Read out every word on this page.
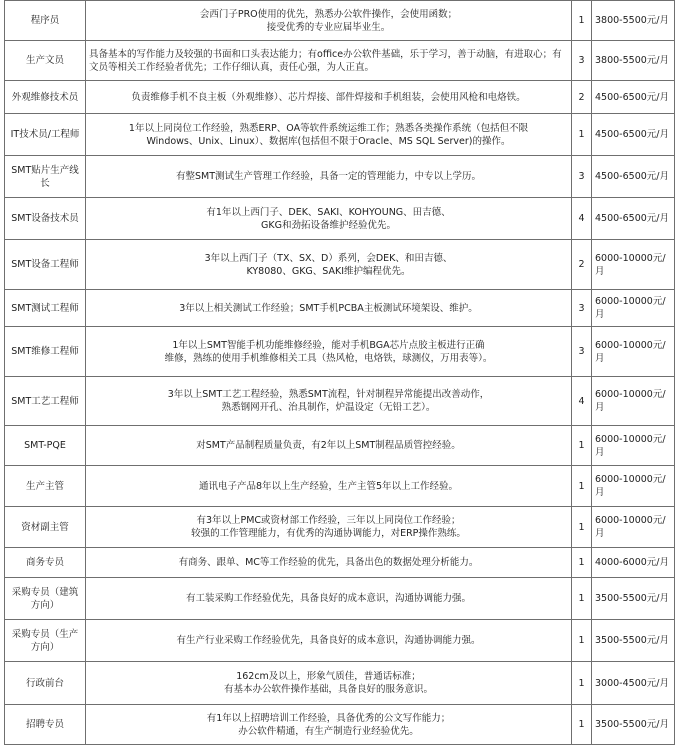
程序员	会西门子PRO使用的优先，熟悉办公软件操作，会使用函数；
接受优秀的专业应届毕业生。	1	3800-5500元/月
生产文员	具备基本的写作能力及较强的书面和口头表达能力；有office办公软件基础，乐于学习，善于动脑，有进取心；有文员等相关工作经验者优先；工作仔细认真，责任心强，为人正直。	3	3800-5500元/月
外观维修技术员	负责维修手机不良主板（外观维修）、芯片焊接、部件焊接和手机组装，会使用风枪和电烙铁。	2	4500-6500元/月
IT技术员/工程师	1年以上同岗位工作经验，熟悉ERP、OA等软件系统运维工作；熟悉各类操作系统（包括但不限
Windows、Unix、Linux）、数据库(包括但不限于Oracle、MS SQL Server)的操作。	1	4500-6500元/月
SMT贴片生产线长	有整SMT测试生产管理工作经验，具备一定的管理能力，中专以上学历。	3	4500-6500元/月
SMT设备技术员	有1年以上西门子、DEK、SAKI、KOHYOUNG、田吉德、
GKG和劲拓设备维护经验优先。	4	4500-6500元/月
SMT设备工程师	3年以上西门子（TX、SX、D）系列，会DEK、和田吉德、
KY8080、GKG、SAKI维护编程优先。	2	6000-10000元/月
SMT测试工程师	3年以上相关测试工作经验；SMT手机PCBA主板测试环境架设、维护。	3	6000-10000元/月
SMT维修工程师	1年以上SMT智能手机功能维修经验，能对手机BGA芯片点胶主板进行正确
维修，熟练的使用手机维修相关工具（热风枪，电烙铁，球测仪，万用表等）。	3	6000-10000元/月
SMT工艺工程师	3年以上SMT工艺工程经验，熟悉SMT流程，针对制程异常能提出改善动作，
熟悉钢网开孔、治具制作，炉温设定（无铅工艺）。	4	6000-10000元/月
SMT-PQE	对SMT产品制程质量负责，有2年以上SMT制程品质管控经验。	1	6000-10000元/月
生产主管	通讯电子产品8年以上生产经验，生产主管5年以上工作经验。	1	6000-10000元/月
资材副主管	有3年以上PMC或资材部工作经验，三年以上同岗位工作经验；
较强的工作管理能力，有优秀的沟通协调能力，对ERP操作熟练。	1	6000-10000元/月
商务专员	有商务、跟单、MC等工作经验的优先，具备出色的数据处理分析能力。	1	4000-6000元/月
采购专员（建筑方向）	有工装采购工作经验优先，具备良好的成本意识，沟通协调能力强。	1	3500-5500元/月
采购专员（生产方向）	有生产行业采购工作经验优先，具备良好的成本意识，沟通协调能力强。	1	3500-5500元/月
行政前台	162cm及以上，形象气质佳，普通话标准；
有基本办公软件操作基础，具备良好的服务意识。	1	3000-4500元/月
招聘专员	有1年以上招聘培训工作经验，具备优秀的公文写作能力；
办公软件精通，有生产制造行业经验优先。	1	3500-5500元/月
